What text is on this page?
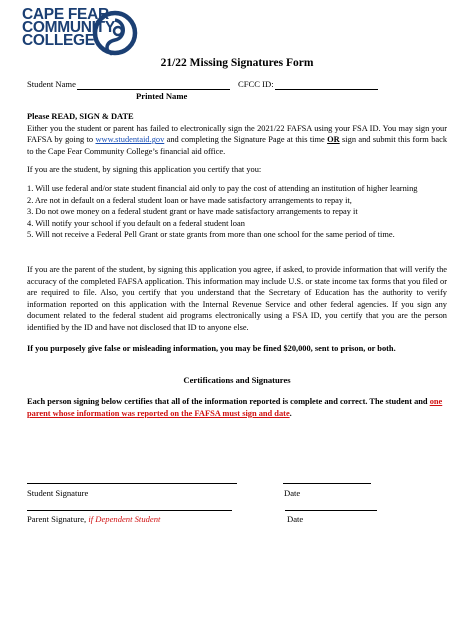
CAPE FEAR
COMMUNITY
COLLEGE
21/22 Missing Signatures Form
Student Name	CFCC ID:
Printed Name

Please READ, SIGN & DATE

Either you the student or parent has failed to electronically sign the 2021/22 FAFSA using your FSA ID. You may sign your FAFSA by going to www.studentaid.gov and completing the Signature Page at this time OR sign and submit this form back to the Cape Fear Community College’s financial aid office.

If you are the student, by signing this application you certify that you:

1. Will use federal and/or state student financial aid only to pay the cost of attending an institution of higher learning

2. Are not in default on a federal student loan or have made satisfactory arrangements to repay it,

3. Do not owe money on a federal student grant or have made satisfactory arrangements to repay it

4. Will notify your school if you default on a federal student loan

5. Will not receive a Federal Pell Grant or state grants from more than one school for the same period of time.

If you are the parent of the student, by signing this application you agree, if asked, to provide information that will verify the accuracy of the completed FAFSA application. This information may include U.S. or state income tax forms that you filed or are required to file. Also, you certify that you understand that the Secretary of Education has the authority to verify information reported on this application with the Internal Revenue Service and other federal agencies. If you sign any document related to the federal student aid programs electronically using a FSA ID, you certify that you are the person identified by the ID and have not disclosed that ID to anyone else.
If you purposely give false or misleading information, you may be fined $20,000, sent to prison, or both.
Certifications and Signatures
Each person signing below certifies that all of the information reported is complete and correct. The student and one parent whose information was reported on the FAFSA must sign and date.
Student Signature	Date
Parent Signature, if Dependent Student	Date
